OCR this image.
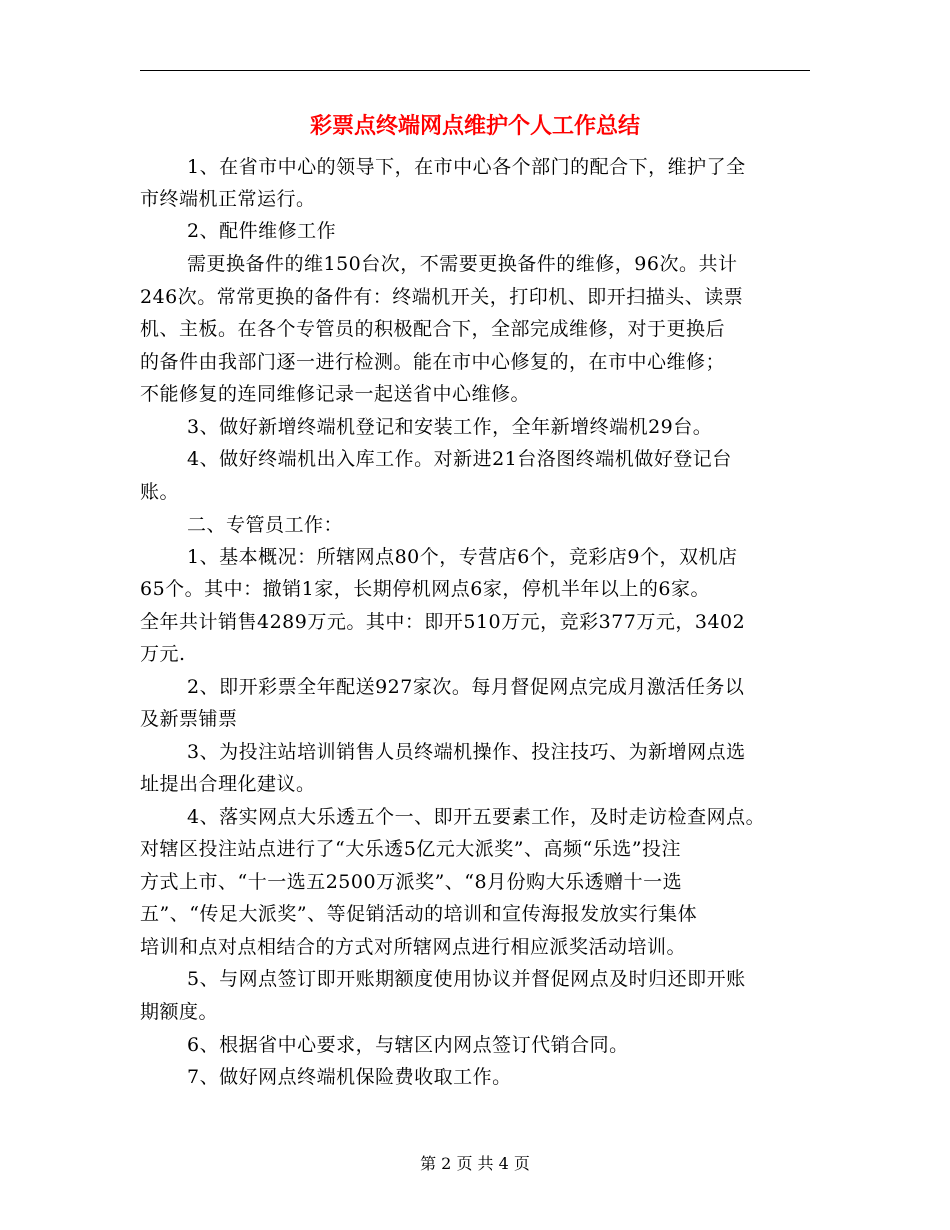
彩票点终端网点维护个人工作总结
1、在省市中心的领导下，在市中心各个部门的配合下，维护了全
市终端机正常运行。
2、配件维修工作
需更换备件的维150台次，不需要更换备件的维修，96次。共计
246次。常常更换的备件有：终端机开关，打印机、即开扫描头、读票
机、主板。在各个专管员的积极配合下，全部完成维修，对于更换后
的备件由我部门逐一进行检测。能在市中心修复的，在市中心维修；
不能修复的连同维修记录一起送省中心维修。
3、做好新增终端机登记和安装工作，全年新增终端机29台。
4、做好终端机出入库工作。对新进21台洛图终端机做好登记台
账。
二、专管员工作：
1、基本概况：所辖网点80个，专营店6个，竞彩店9个，双机店
65个。其中：撤销1家，长期停机网点6家，停机半年以上的6家。
全年共计销售4289万元。其中：即开510万元，竞彩377万元，3402
万元.
2、即开彩票全年配送927家次。每月督促网点完成月激活任务以
及新票铺票
3、为投注站培训销售人员终端机操作、投注技巧、为新增网点选
址提出合理化建议。
4、落实网点大乐透五个一、即开五要素工作，及时走访检查网点。
对辖区投注站点进行了“大乐透5亿元大派奖”、高频“乐选”投注
方式上市、“十一选五2500万派奖”、“8月份购大乐透赠十一选
五”、“传足大派奖”、等促销活动的培训和宣传海报发放实行集体
培训和点对点相结合的方式对所辖网点进行相应派奖活动培训。
5、与网点签订即开账期额度使用协议并督促网点及时归还即开账
期额度。
6、根据省中心要求，与辖区内网点签订代销合同。
7、做好网点终端机保险费收取工作。
第 2 页 共 4 页
